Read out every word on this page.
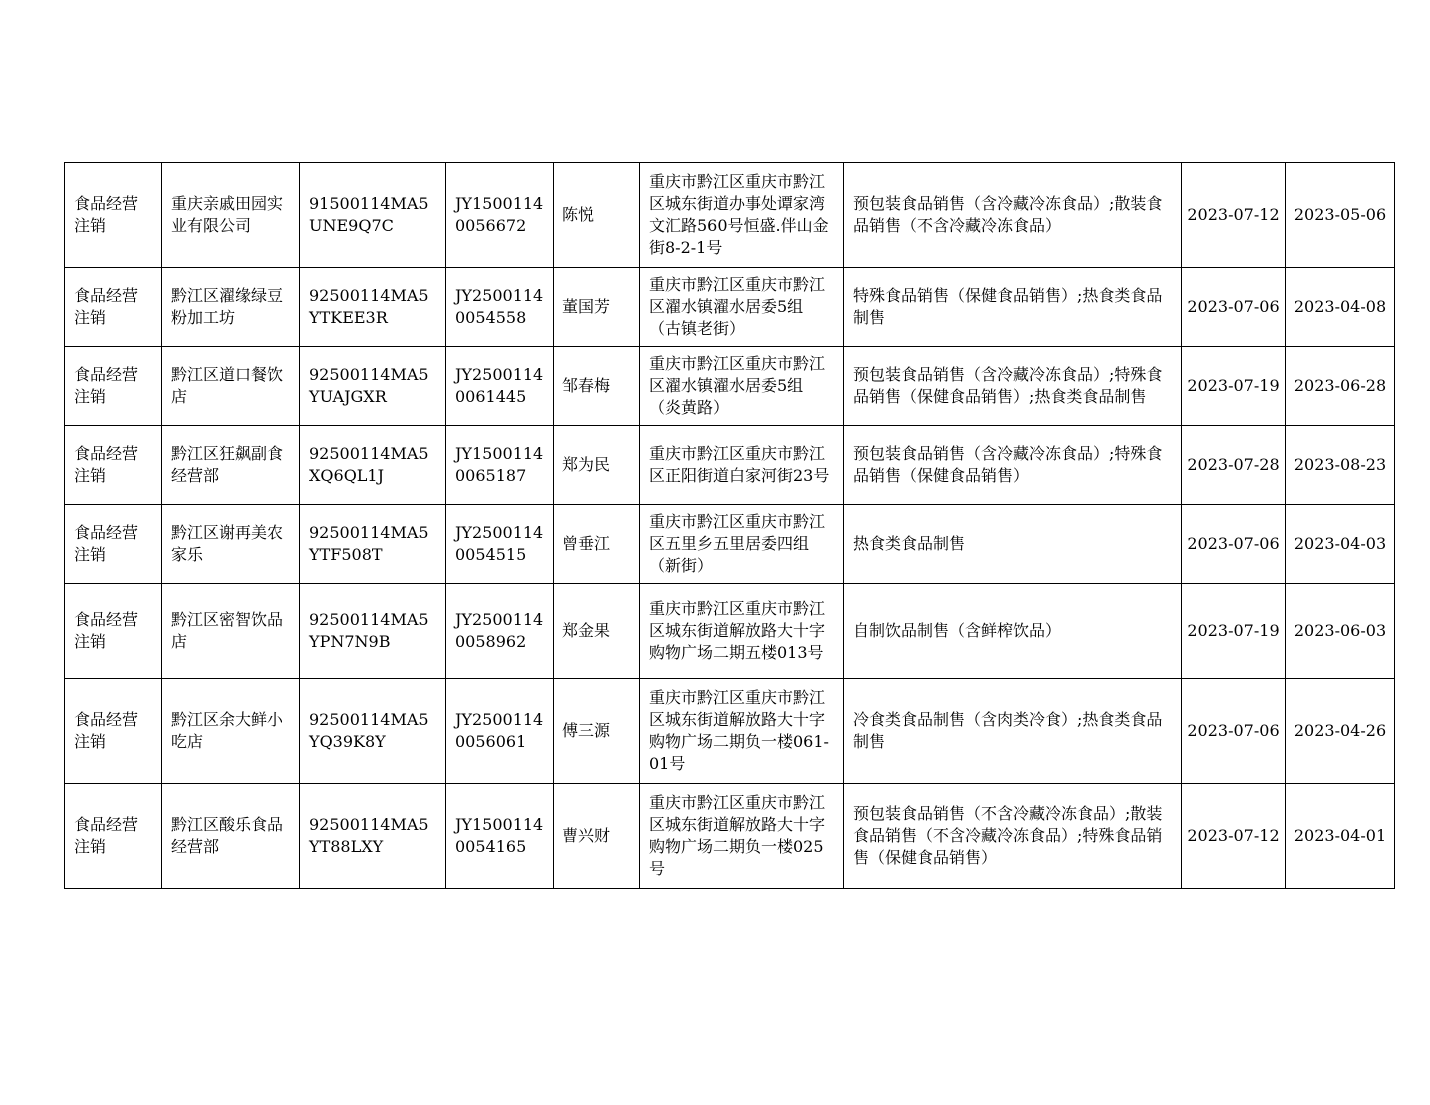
食品经营注销	重庆亲戚田园实业有限公司	91500114MA5UNE9Q7C	JY15001140056672	陈悦	重庆市黔江区重庆市黔江区城东街道办事处谭家湾文汇路560号恒盛.伴山金街8-2-1号	预包装食品销售（含冷藏冷冻食品）;散装食品销售（不含冷藏冷冻食品）	2023-07-12	2023-05-06
食品经营注销	黔江区濯缘绿豆粉加工坊	92500114MA5YTKEE3R	JY25001140054558	董国芳	重庆市黔江区重庆市黔江区濯水镇濯水居委5组（古镇老街）	特殊食品销售（保健食品销售）;热食类食品制售	2023-07-06	2023-04-08
食品经营注销	黔江区道口餐饮店	92500114MA5YUAJGXR	JY25001140061445	邹春梅	重庆市黔江区重庆市黔江区濯水镇濯水居委5组（炎黄路）	预包装食品销售（含冷藏冷冻食品）;特殊食品销售（保健食品销售）;热食类食品制售	2023-07-19	2023-06-28
食品经营注销	黔江区狂飙副食经营部	92500114MA5XQ6QL1J	JY15001140065187	郑为民	重庆市黔江区重庆市黔江区正阳街道白家河街23号	预包装食品销售（含冷藏冷冻食品）;特殊食品销售（保健食品销售）	2023-07-28	2023-08-23
食品经营注销	黔江区谢再美农家乐	92500114MA5YTF508T	JY25001140054515	曾垂江	重庆市黔江区重庆市黔江区五里乡五里居委四组（新街）	热食类食品制售	2023-07-06	2023-04-03
食品经营注销	黔江区密智饮品店	92500114MA5YPN7N9B	JY25001140058962	郑金果	重庆市黔江区重庆市黔江区城东街道解放路大十字购物广场二期五楼013号	自制饮品制售（含鲜榨饮品）	2023-07-19	2023-06-03
食品经营注销	黔江区余大鲜小吃店	92500114MA5YQ39K8Y	JY25001140056061	傅三源	重庆市黔江区重庆市黔江区城东街道解放路大十字购物广场二期负一楼061-01号	冷食类食品制售（含肉类冷食）;热食类食品制售	2023-07-06	2023-04-26
食品经营注销	黔江区酸乐食品经营部	92500114MA5YT88LXY	JY15001140054165	曹兴财	重庆市黔江区重庆市黔江区城东街道解放路大十字购物广场二期负一楼025号	预包装食品销售（不含冷藏冷冻食品）;散装食品销售（不含冷藏冷冻食品）;特殊食品销售（保健食品销售）	2023-07-12	2023-04-01
